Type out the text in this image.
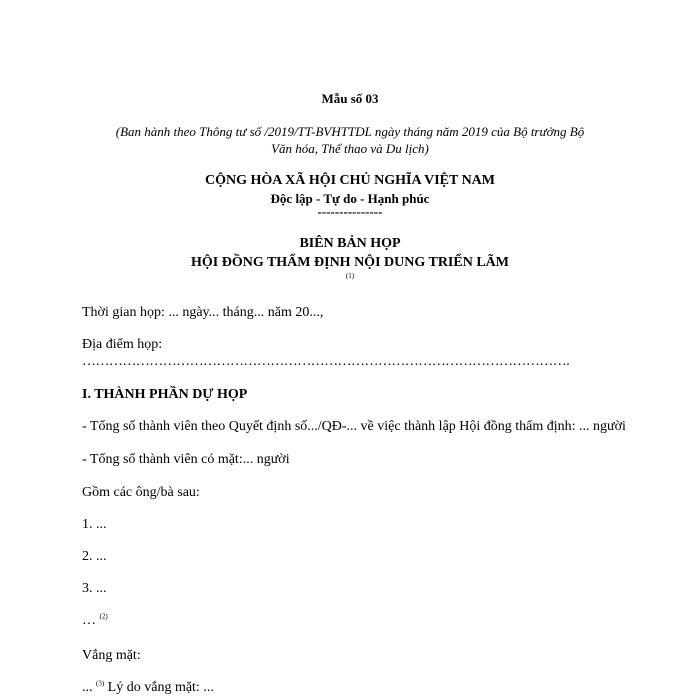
Mẫu số 03
(Ban hành theo Thông tư số /2019/TT-BVHTTDL ngày tháng năm 2019 của Bộ trưởng Bộ
Văn hóa, Thể thao và Du lịch)
CỘNG HÒA XÃ HỘI CHỦ NGHĨA VIỆT NAM
Độc lập - Tự do - Hạnh phúc
---------------
BIÊN BẢN HỌP
HỘI ĐỒNG THẨM ĐỊNH NỘI DUNG TRIỂN LÃM
(1)
Thời gian họp: ... ngày... tháng... năm 20...,
Địa điểm họp:
……………………………………………………………………………………………….
I. THÀNH PHẦN DỰ HỌP
- Tổng số thành viên theo Quyết định số.../QĐ-... về việc thành lập Hội đồng thẩm định: ... người
- Tổng số thành viên có mặt:... người
Gồm các ông/bà sau:
1. ...
2. ...
3. ...
… $^{(2)}$
Vắng mặt:
... $^{(3)}$ Lý do vắng mặt: ...
